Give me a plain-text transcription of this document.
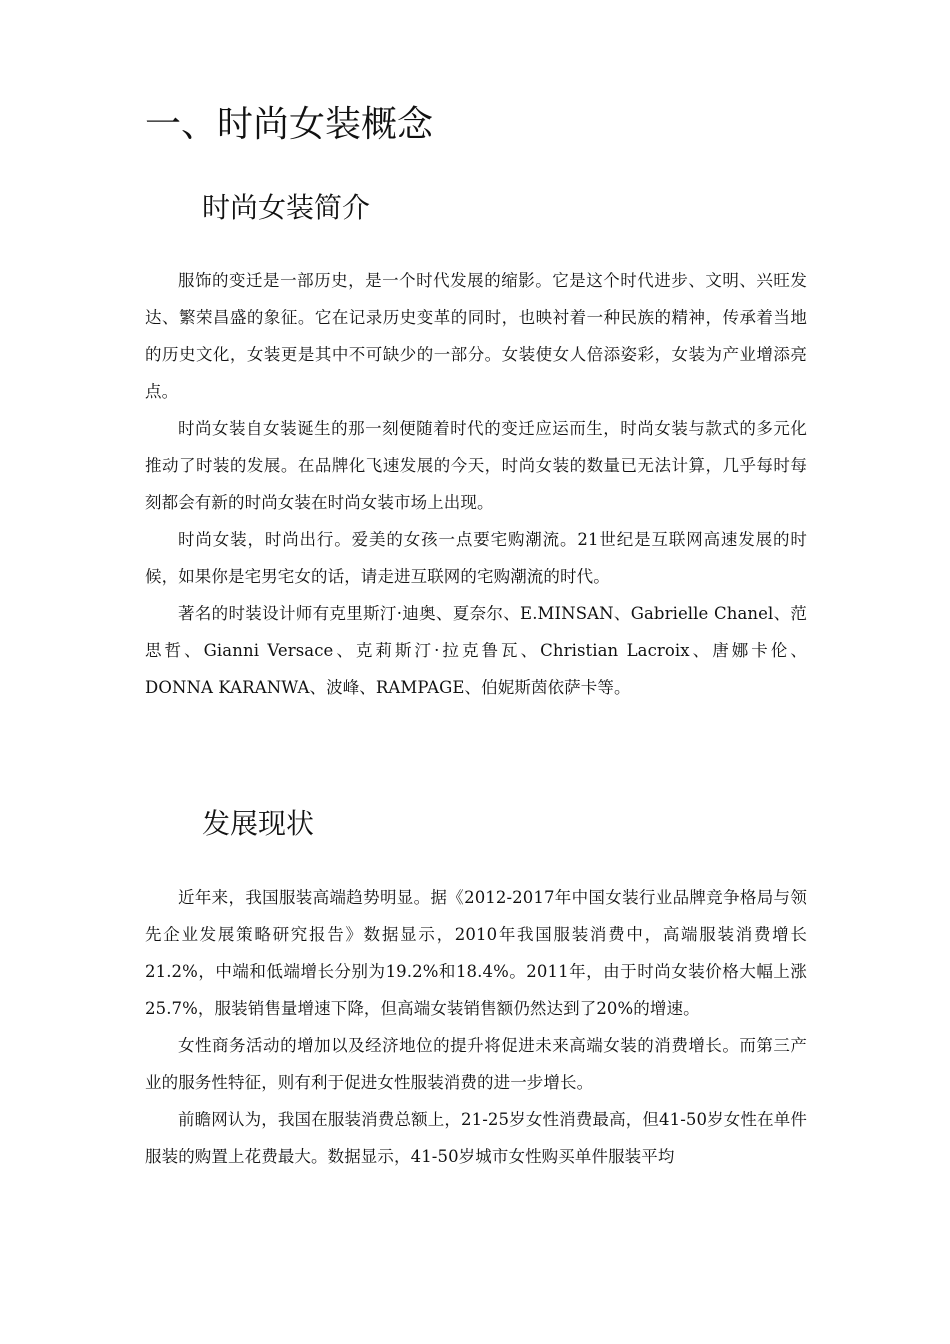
一、时尚女装概念
时尚女装简介

服饰的变迁是一部历史，是一个时代发展的缩影。它是这个时代进步、文明、兴旺发达、繁荣昌盛的象征。它在记录历史变革的同时，也映衬着一种民族的精神，传承着当地的历史文化，女装更是其中不可缺少的一部分。女装使女人倍添姿彩，女装为产业增添亮点。

时尚女装自女装诞生的那一刻便随着时代的变迁应运而生，时尚女装与款式的多元化推动了时装的发展。在品牌化飞速发展的今天，时尚女装的数量已无法计算，几乎每时每刻都会有新的时尚女装在时尚女装市场上出现。

时尚女装，时尚出行。爱美的女孩一点要宅购潮流。21世纪是互联网高速发展的时候，如果你是宅男宅女的话，请走进互联网的宅购潮流的时代。

著名的时装设计师有克里斯汀·迪奥、夏奈尔、E.MINSAN、Gabrielle Chanel、范思哲、Gianni Versace、克莉斯汀·拉克鲁瓦、Christian Lacroix、唐娜卡伦、DONNA KARANWA、波峰、RAMPAGE、伯妮斯茵依萨卡等。

发展现状

近年来，我国服装高端趋势明显。据《2012-2017年中国女装行业品牌竞争格局与领先企业发展策略研究报告》数据显示，2010年我国服装消费中，高端服装消费增长21.2%，中端和低端增长分别为19.2%和18.4%。2011年，由于时尚女装价格大幅上涨25.7%，服装销售量增速下降，但高端女装销售额仍然达到了20%的增速。

女性商务活动的增加以及经济地位的提升将促进未来高端女装的消费增长。而第三产业的服务性特征，则有利于促进女性服装消费的进一步增长。

前瞻网认为，我国在服装消费总额上，21-25岁女性消费最高，但41-50岁女性在单件服装的购置上花费最大。数据显示，41-50岁城市女性购买单件服装平均
